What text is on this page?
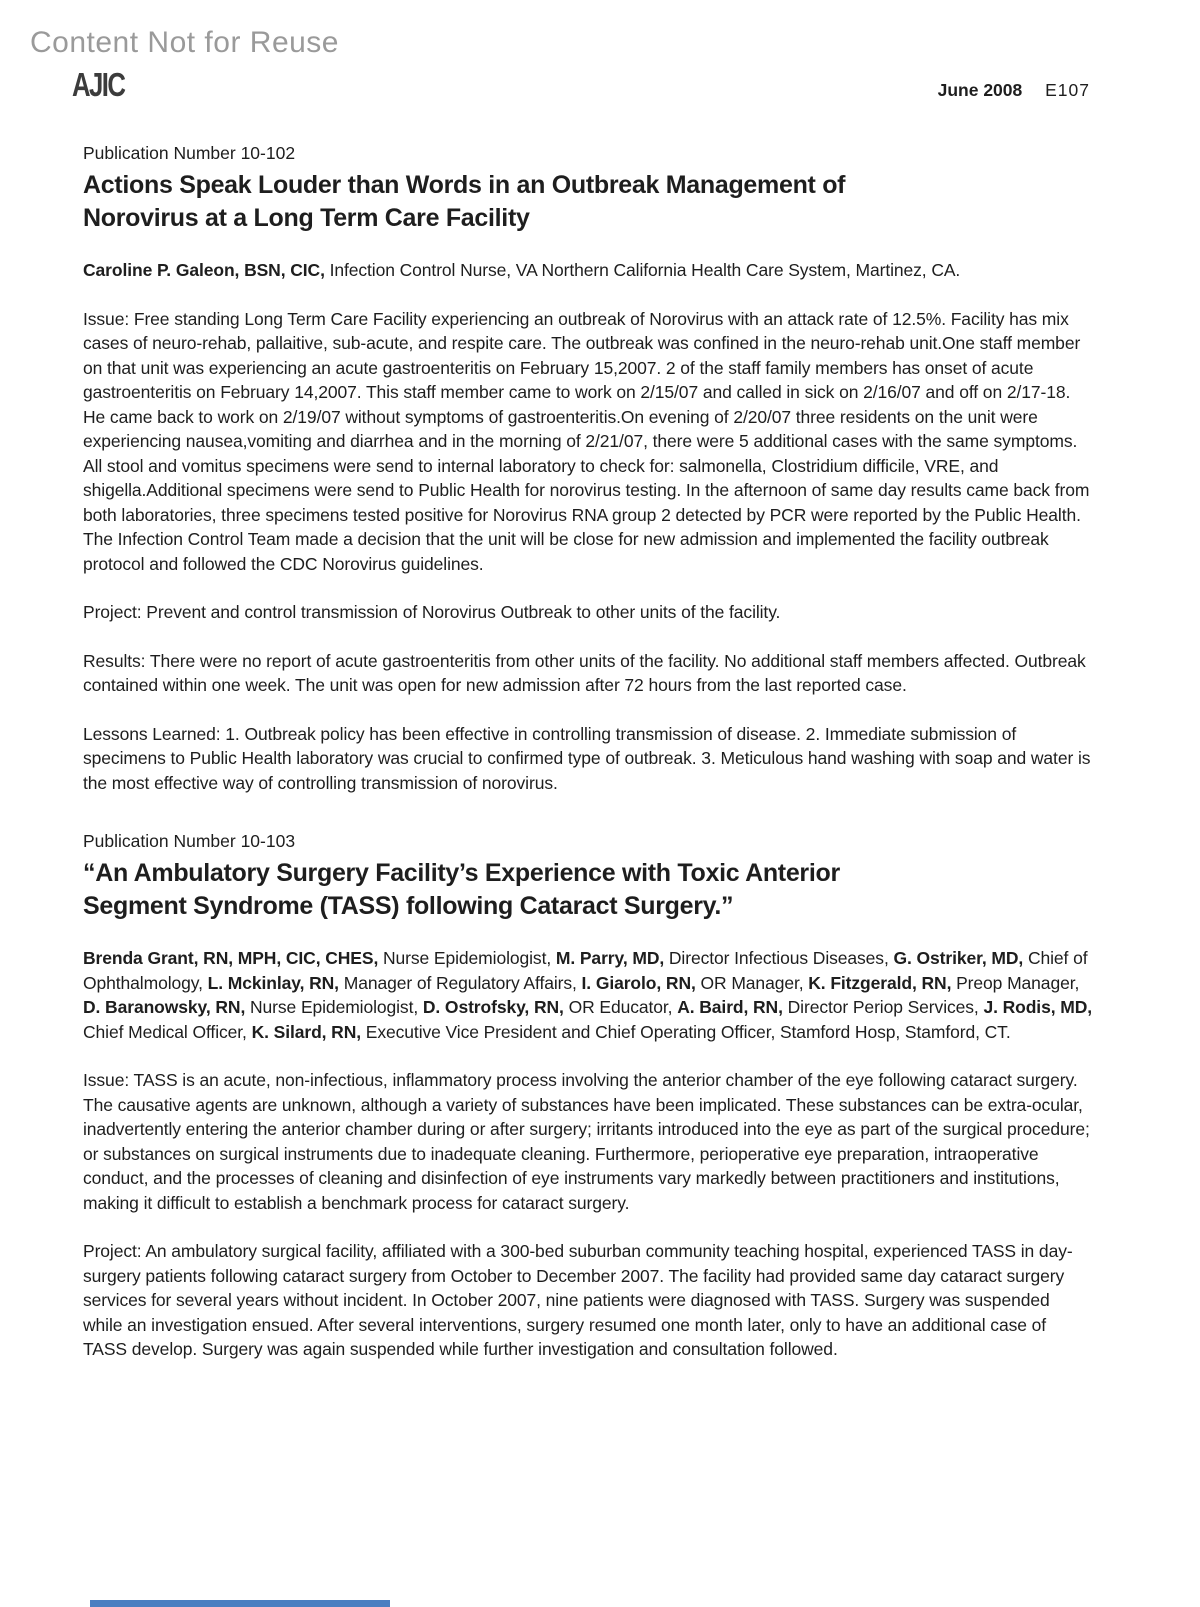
Content Not for Reuse
AJIC	June 2008 E107
Publication Number 10-102
Actions Speak Louder than Words in an Outbreak Management of
Norovirus at a Long Term Care Facility

Caroline P. Galeon, BSN, CIC, Infection Control Nurse, VA Northern California Health Care System, Martinez, CA.

Issue: Free standing Long Term Care Facility experiencing an outbreak of Norovirus with an attack rate of 12.5%. Facility has mix cases of neuro-rehab, pallaitive, sub-acute, and respite care. The outbreak was confined in the neuro-rehab unit.One staff member on that unit was experiencing an acute gastroenteritis on February 15,2007. 2 of the staff family members has onset of acute gastroenteritis on February 14,2007. This staff member came to work on 2/15/07 and called in sick on 2/16/07 and off on 2/17-18. He came back to work on 2/19/07 without symptoms of gastroenteritis.On evening of 2/20/07 three residents on the unit were experiencing nausea,vomiting and diarrhea and in the morning of 2/21/07, there were 5 additional cases with the same symptoms. All stool and vomitus specimens were send to internal laboratory to check for: salmonella, Clostridium difficile, VRE, and shigella.Additional specimens were send to Public Health for norovirus testing. In the afternoon of same day results came back from both laboratories, three specimens tested positive for Norovirus RNA group 2 detected by PCR were reported by the Public Health. The Infection Control Team made a decision that the unit will be close for new admission and implemented the facility outbreak protocol and followed the CDC Norovirus guidelines.

Project: Prevent and control transmission of Norovirus Outbreak to other units of the facility.

Results: There were no report of acute gastroenteritis from other units of the facility. No additional staff members affected. Outbreak contained within one week. The unit was open for new admission after 72 hours from the last reported case.

Lessons Learned: 1. Outbreak policy has been effective in controlling transmission of disease. 2. Immediate submission of specimens to Public Health laboratory was crucial to confirmed type of outbreak. 3. Meticulous hand washing with soap and water is the most effective way of controlling transmission of norovirus.

Publication Number 10-103
“An Ambulatory Surgery Facility’s Experience with Toxic Anterior
Segment Syndrome (TASS) following Cataract Surgery.”

Brenda Grant, RN, MPH, CIC, CHES, Nurse Epidemiologist, M. Parry, MD, Director Infectious Diseases, G. Ostriker, MD, Chief of Ophthalmology, L. Mckinlay, RN, Manager of Regulatory Affairs, I. Giarolo, RN, OR Manager, K. Fitzgerald, RN, Preop Manager, D. Baranowsky, RN, Nurse Epidemiologist, D. Ostrofsky, RN, OR Educator, A. Baird, RN, Director Periop Services, J. Rodis, MD, Chief Medical Officer, K. Silard, RN, Executive Vice President and Chief Operating Officer, Stamford Hosp, Stamford, CT.

Issue: TASS is an acute, non-infectious, inflammatory process involving the anterior chamber of the eye following cataract surgery. The causative agents are unknown, although a variety of substances have been implicated. These substances can be extra-ocular, inadvertently entering the anterior chamber during or after surgery; irritants introduced into the eye as part of the surgical procedure; or substances on surgical instruments due to inadequate cleaning. Furthermore, perioperative eye preparation, intraoperative conduct, and the processes of cleaning and disinfection of eye instruments vary markedly between practitioners and institutions, making it difficult to establish a benchmark process for cataract surgery.

Project: An ambulatory surgical facility, affiliated with a 300-bed suburban community teaching hospital, experienced TASS in day-surgery patients following cataract surgery from October to December 2007. The facility had provided same day cataract surgery services for several years without incident. In October 2007, nine patients were diagnosed with TASS. Surgery was suspended while an investigation ensued. After several interventions, surgery resumed one month later, only to have an additional case of TASS develop. Surgery was again suspended while further investigation and consultation followed.
